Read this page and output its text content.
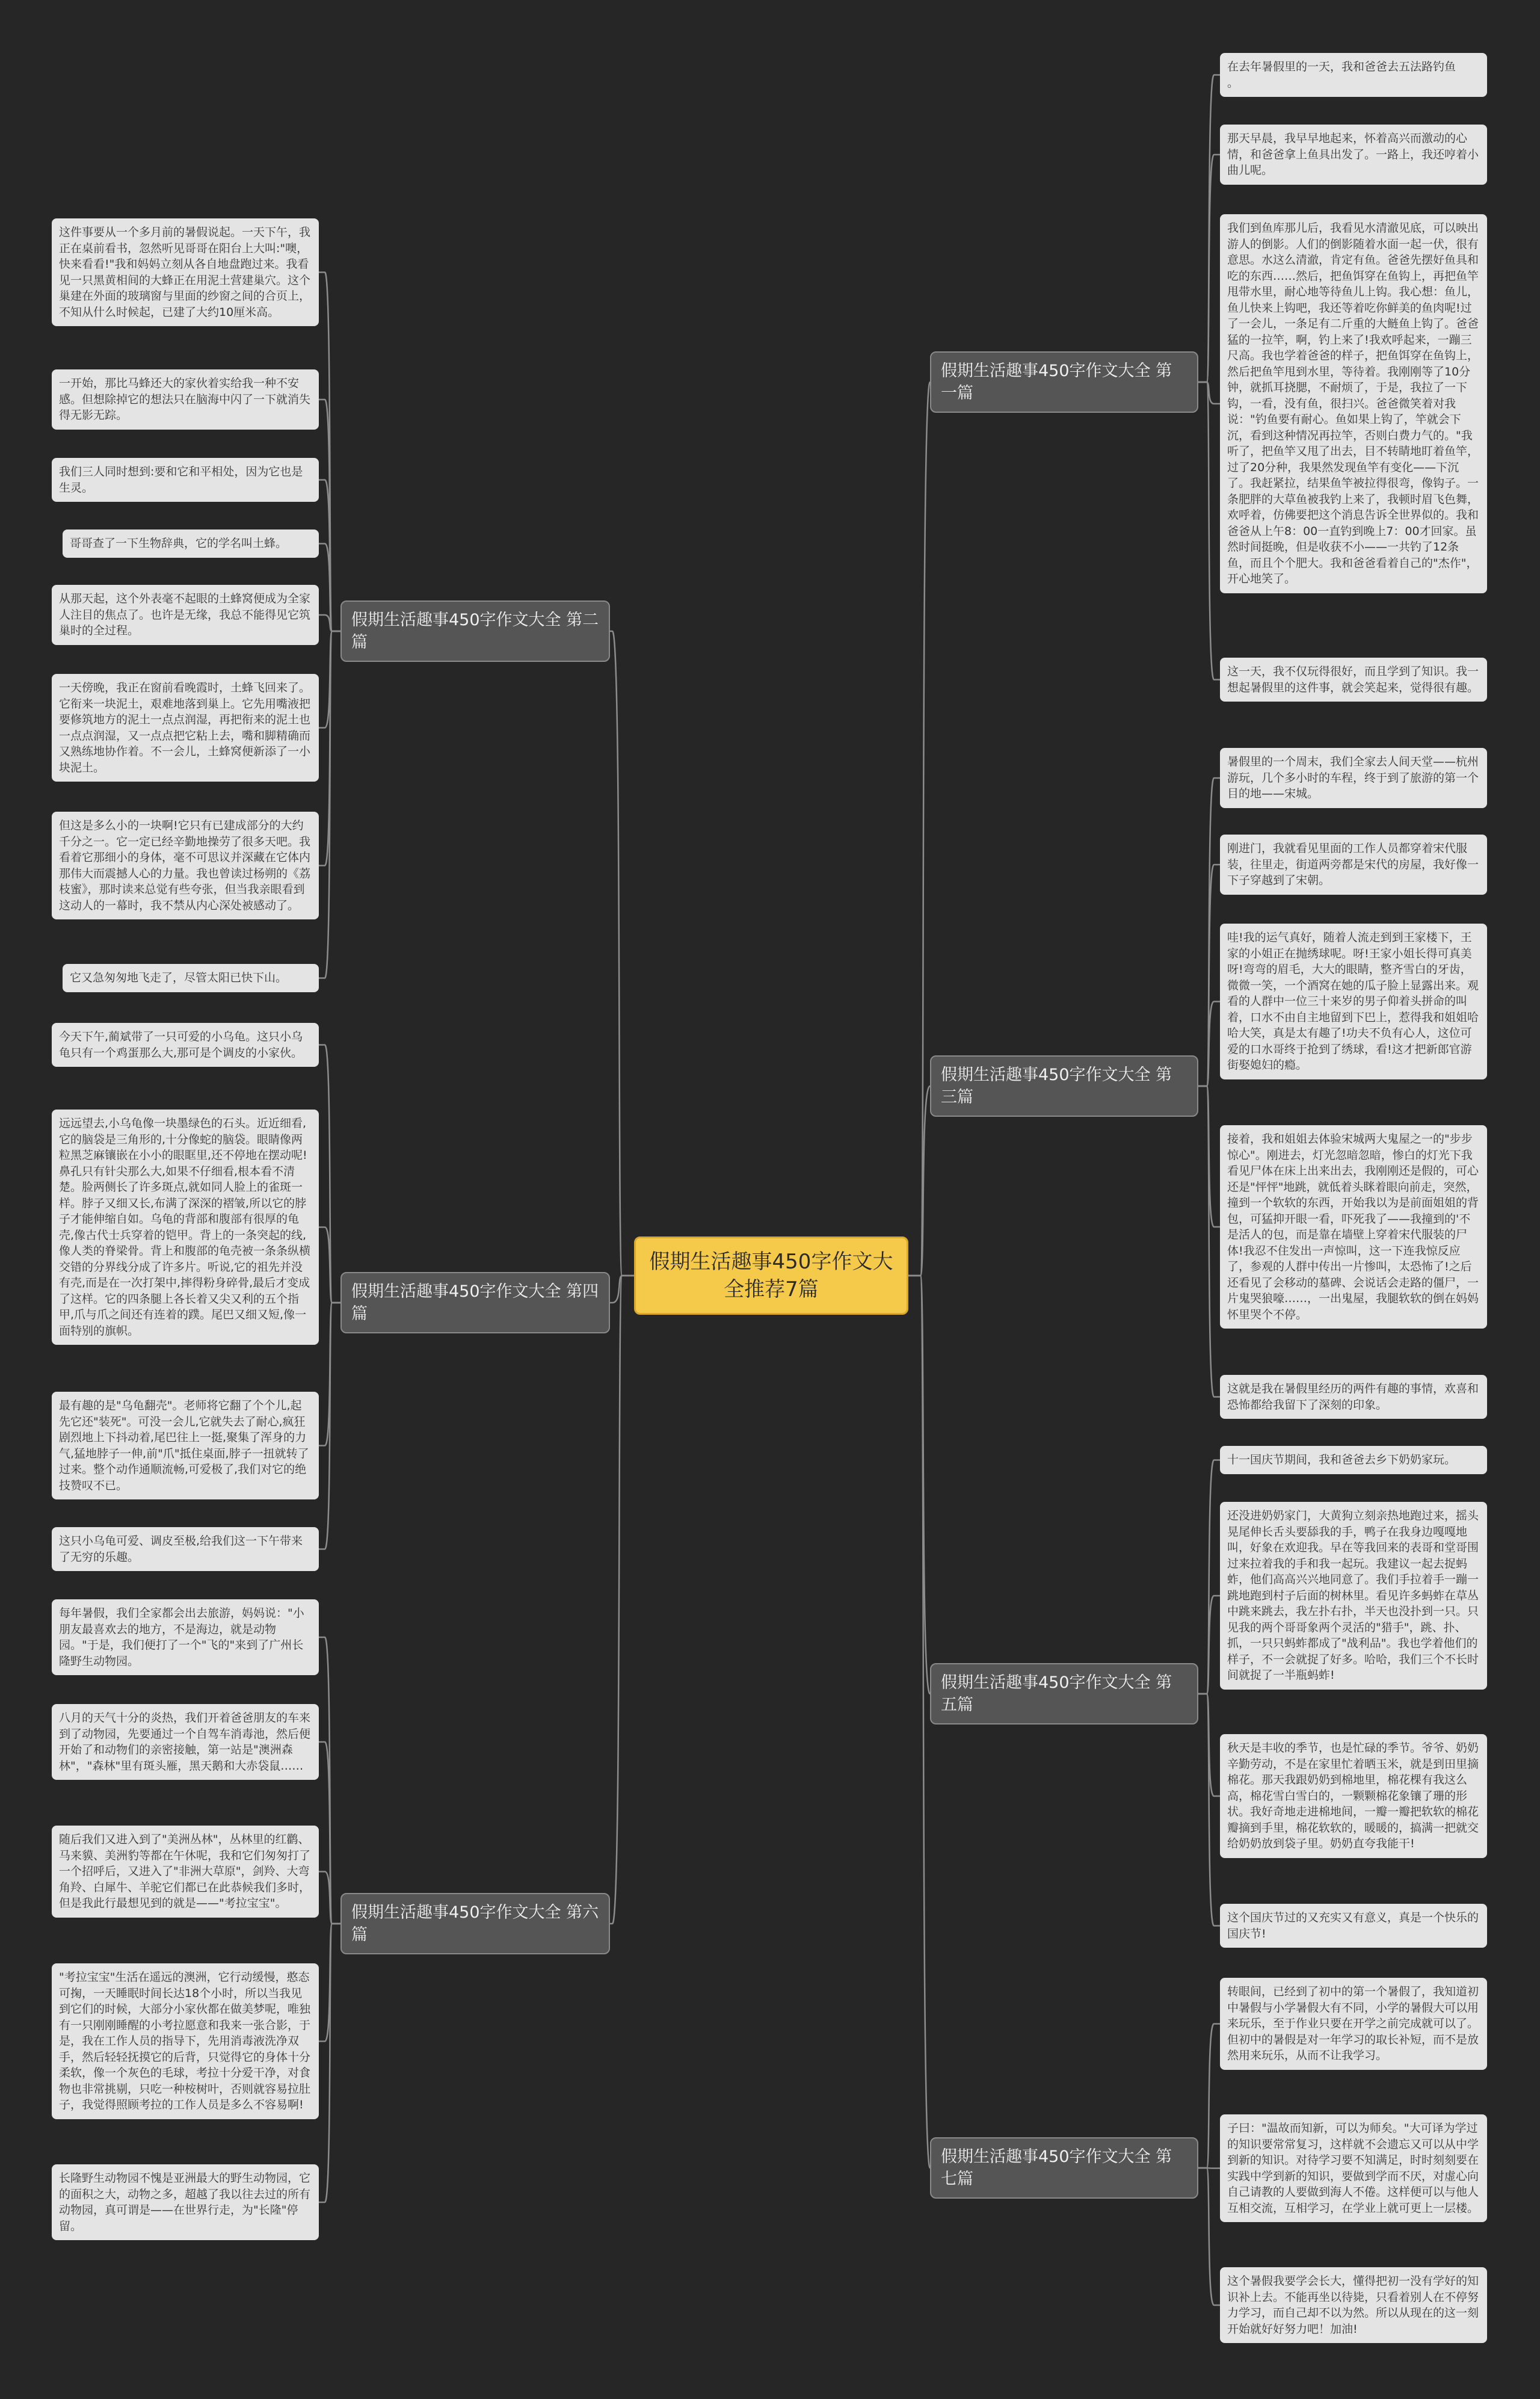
假期生活趣事450字作文大全推荐7篇
假期生活趣事450字作文大全 第一篇
在去年暑假里的一天，我和爸爸去五法路钓鱼
。
那天早晨，我早早地起来，怀着高兴而激动的心情，和爸爸拿上鱼具出发了。一路上，我还哼着小曲儿呢。
我们到鱼库那儿后，我看见水清澈见底，可以映出游人的倒影。人们的倒影随着水面一起一伏，很有意思。水这么清澈，肯定有鱼。爸爸先摆好鱼具和吃的东西……然后，把鱼饵穿在鱼钩上，再把鱼竿甩带水里，耐心地等待鱼儿上钩。我心想：鱼儿，鱼儿快来上钩吧，我还等着吃你鲜美的鱼肉呢!过了一会儿，一条足有二斤重的大鲢鱼上钩了。爸爸猛的一拉竿，啊，钓上来了!我欢呼起来，一蹦三尺高。我也学着爸爸的样子，把鱼饵穿在鱼钩上，然后把鱼竿甩到水里，等待着。我刚刚等了10分钟，就抓耳挠腮，不耐烦了，于是，我拉了一下钩，一看，没有鱼，很扫兴。爸爸微笑着对我说："钓鱼要有耐心。鱼如果上钩了，竿就会下沉，看到这种情况再拉竿，否则白费力气的。"我听了，把鱼竿又甩了出去，目不转睛地盯着鱼竿，过了20分种，我果然发现鱼竿有变化——下沉了。我赶紧拉，结果鱼竿被拉得很弯，像钩子。一条肥胖的大草鱼被我钓上来了，我顿时眉飞色舞，欢呼着，仿佛要把这个消息告诉全世界似的。我和爸爸从上午8：00一直钓到晚上7：00才回家。虽然时间挺晚，但是收获不小——一共钓了12条鱼，而且个个肥大。我和爸爸看着自己的"杰作"，开心地笑了。
这一天，我不仅玩得很好，而且学到了知识。我一想起暑假里的这件事，就会笑起来，觉得很有趣。
假期生活趣事450字作文大全 第三篇
暑假里的一个周末，我们全家去人间天堂——杭州游玩，几个多小时的车程，终于到了旅游的第一个目的地——宋城。
刚进门，我就看见里面的工作人员都穿着宋代服装，往里走，街道两旁都是宋代的房屋，我好像一下子穿越到了宋朝。
哇!我的运气真好，随着人流走到到王家楼下，王家的小姐正在抛绣球呢。呀!王家小姐长得可真美呀!弯弯的眉毛，大大的眼睛，整齐雪白的牙齿，微微一笑，一个酒窝在她的瓜子脸上显露出来。观看的人群中一位三十来岁的男子仰着头拼命的叫着，口水不由自主地留到下巴上，惹得我和姐姐哈哈大笑，真是太有趣了!功夫不负有心人，这位可爱的口水哥终于抢到了绣球，看!这才把新郎官游街娶媳妇的瘾。
接着，我和姐姐去体验宋城两大鬼屋之一的"步步惊心"。刚进去，灯光忽暗忽暗，惨白的灯光下我看见尸体在床上出来出去，我刚刚还是假的，可心还是"怦怦"地跳，就低着头眯着眼向前走，突然，撞到一个软软的东西，开始我以为是前面姐姐的背包，可猛抑开眼一看，吓死我了——我撞到的'不是活人的包，而是靠在墙壁上穿着宋代服装的尸体!我忍不住发出一声惊叫，这一下连我惊反应了，参观的人群中传出一片惨叫，太恐怖了!之后还看见了会移动的墓碑、会说话会走路的僵尸，一片鬼哭狼嚎……，一出鬼屋，我腿软软的倒在妈妈怀里哭个不停。
这就是我在暑假里经历的两件有趣的事情，欢喜和恐怖都给我留下了深刻的印象。
假期生活趣事450字作文大全 第五篇
十一国庆节期间，我和爸爸去乡下奶奶家玩。
还没进奶奶家门，大黄狗立刻亲热地跑过来，摇头晃尾伸长舌头要舔我的手，鸭子在我身边嘎嘎地叫，好象在欢迎我。早在等我回来的表哥和堂哥围过来拉着我的手和我一起玩。我建议一起去捉蚂蚱，他们高高兴兴地同意了。我们手拉着手一蹦一跳地跑到村子后面的树林里。看见许多蚂蚱在草丛中跳来跳去，我左扑右扑，半天也没扑到一只。只见我的两个哥哥象两个灵活的"猎手"，跳、扑、抓，一只只蚂蚱都成了"战利品"。我也学着他们的样子，不一会就捉了好多。哈哈，我们三个不长时间就捉了一半瓶蚂蚱!
秋天是丰收的季节，也是忙碌的季节。爷爷、奶奶辛勤劳动，不是在家里忙着晒玉米，就是到田里摘棉花。那天我跟奶奶到棉地里，棉花棵有我这么高，棉花雪白雪白的，一颗颗棉花象镶了珊的形状。我好奇地走进棉地间，一瓣一瓣把软软的棉花瓣摘到手里，棉花软软的，暖暖的，搞满一把就交给奶奶放到袋子里。奶奶直夸我能干!
这个国庆节过的又充实又有意义，真是一个快乐的国庆节!
假期生活趣事450字作文大全 第七篇
转眼间，已经到了初中的第一个暑假了，我知道初中暑假与小学暑假大有不同，小学的暑假大可以用来玩乐，至于作业只要在开学之前完成就可以了。但初中的暑假是对一年学习的取长补短，而不是放然用来玩乐，从而不让我学习。
子曰："温故而知新，可以为师矣。"大可译为学过的知识要常常复习，这样就不会遗忘又可以从中学到新的知识。对待学习要不知满足，时时刻刻要在实践中学到新的知识，要做到学而不厌，对虚心向自己请教的人要做到海人不倦。这样便可以与他人互相交流，互相学习，在学业上就可更上一层楼。
这个暑假我要学会长大，懂得把初一没有学好的知识补上去。不能再坐以待毙，只看着别人在不停努力学习，而自己却不以为然。所以从现在的这一刻开始就好好努力吧！加油!
假期生活趣事450字作文大全 第二篇
这件事要从一个多月前的暑假说起。一天下午，我正在桌前看书，忽然听见哥哥在阳台上大叫:"噢，快来看看!"我和妈妈立刻从各自地盘跑过来。我看见一只黑黄相间的大蜂正在用泥土营建巢穴。这个巢建在外面的玻璃窗与里面的纱窗之间的合页上，不知从什么时候起，已建了大约10厘米高。
一开始，那比马蜂还大的家伙着实给我一种不安感。但想除掉它的想法只在脑海中闪了一下就消失得无影无踪。
我们三人同时想到:要和它和平相处，因为它也是生灵。
哥哥查了一下生物辞典，它的学名叫土蜂。
从那天起，这个外表毫不起眼的土蜂窝便成为全家人注目的焦点了。也许是无缘，我总不能得见它筑巢时的全过程。
一天傍晚，我正在窗前看晚霞时，土蜂飞回来了。它衔来一块泥土，艰难地落到巢上。它先用嘴液把要修筑地方的泥土一点点润湿，再把衔来的泥土也一点点润湿，又一点点把它粘上去，嘴和脚精确而又熟练地协作着。不一会儿，土蜂窝便新添了一小块泥土。
但这是多么小的一块啊!它只有已建成部分的大约千分之一。它一定已经辛勤地操劳了很多天吧。我看着它那细小的身体，毫不可思议并深藏在它体内那伟大而震撼人心的力量。我也曾读过杨朔的《荔枝蜜》，那时读来总觉有些夸张，但当我亲眼看到这动人的一幕时，我不禁从内心深处被感动了。
它又急匆匆地飞走了，尽管太阳已快下山。
假期生活趣事450字作文大全 第四篇
今天下午,蔺斌带了一只可爱的小乌龟。这只小乌龟只有一个鸡蛋那么大,那可是个调皮的小家伙。
远远望去,小乌龟像一块墨绿色的石头。近近细看,它的脑袋是三角形的,十分像蛇的脑袋。眼睛像两粒黑芝麻镶嵌在小小的眼眶里,还不停地在摆动呢!鼻孔只有针尖那么大,如果不仔细看,根本看不清楚。脸两侧长了许多斑点,就如同人脸上的雀斑一样。脖子又细又长,布满了深深的褶皱,所以它的脖子才能伸缩自如。乌龟的背部和腹部有很厚的龟壳,像古代士兵穿着的铠甲。背上的一条突起的线,像人类的脊梁骨。背上和腹部的龟壳被一条条纵横交错的分界线分成了许多片。听说,它的祖先并没有壳,而是在一次打架中,摔得粉身碎骨,最后才变成了这样。它的四条腿上各长着又尖又利的五个指甲,爪与爪之间还有连着的蹼。尾巴又细又短,像一面特别的旗帜。
最有趣的是"乌龟翻壳"。老师将它翻了个个儿,起先它还"装死"。可没一会儿,它就失去了耐心,疯狂剧烈地上下抖动着,尾巴往上一挺,聚集了浑身的力气,猛地脖子一伸,前"爪"抵住桌面,脖子一扭就转了过来。整个动作通顺流畅,可爱极了,我们对它的绝技赞叹不已。
这只小乌龟可爱、调皮至极,给我们这一下午带来了无穷的乐趣。
假期生活趣事450字作文大全 第六篇
每年暑假，我们全家都会出去旅游，妈妈说："小朋友最喜欢去的地方，不是海边，就是动物园。"于是，我们便打了一个"飞的"来到了广州长隆野生动物园。
八月的天气十分的炎热，我们开着爸爸朋友的车来到了动物园，先要通过一个自驾车消毒池，然后便开始了和动物们的亲密接触，第一站是"澳洲森林"，"森林"里有斑头雁，黑天鹅和大赤袋鼠……
随后我们又进入到了"美洲丛林"，丛林里的红鹳、马来貘、美洲豹等都在午休呢，我和它们匆匆打了一个招呼后，又进入了"非洲大草原"，剑羚、大弯角羚、白犀牛、羊驼它们都已在此恭候我们多时，但是我此行最想见到的就是——"考拉宝宝"。
"考拉宝宝"生活在遥远的澳洲，它行动缓慢，憨态可掬，一天睡眠时间长达18个小时，所以当我见到它们的时候，大部分小家伙都在做美梦呢，唯独有一只刚刚睡醒的小考拉愿意和我来一张合影，于是，我在工作人员的指导下，先用消毒液洗净双手，然后轻轻抚摸它的后背，只觉得它的身体十分柔软，像一个灰色的毛球，考拉十分爱干净，对食物也非常挑剔，只吃一种桉树叶，否则就容易拉肚子，我觉得照顾考拉的工作人员是多么不容易啊!
长隆野生动物园不愧是亚洲最大的野生动物园，它的面积之大，动物之多，超越了我以往去过的所有动物园，真可谓是——在世界行走，为"长隆"停留。
